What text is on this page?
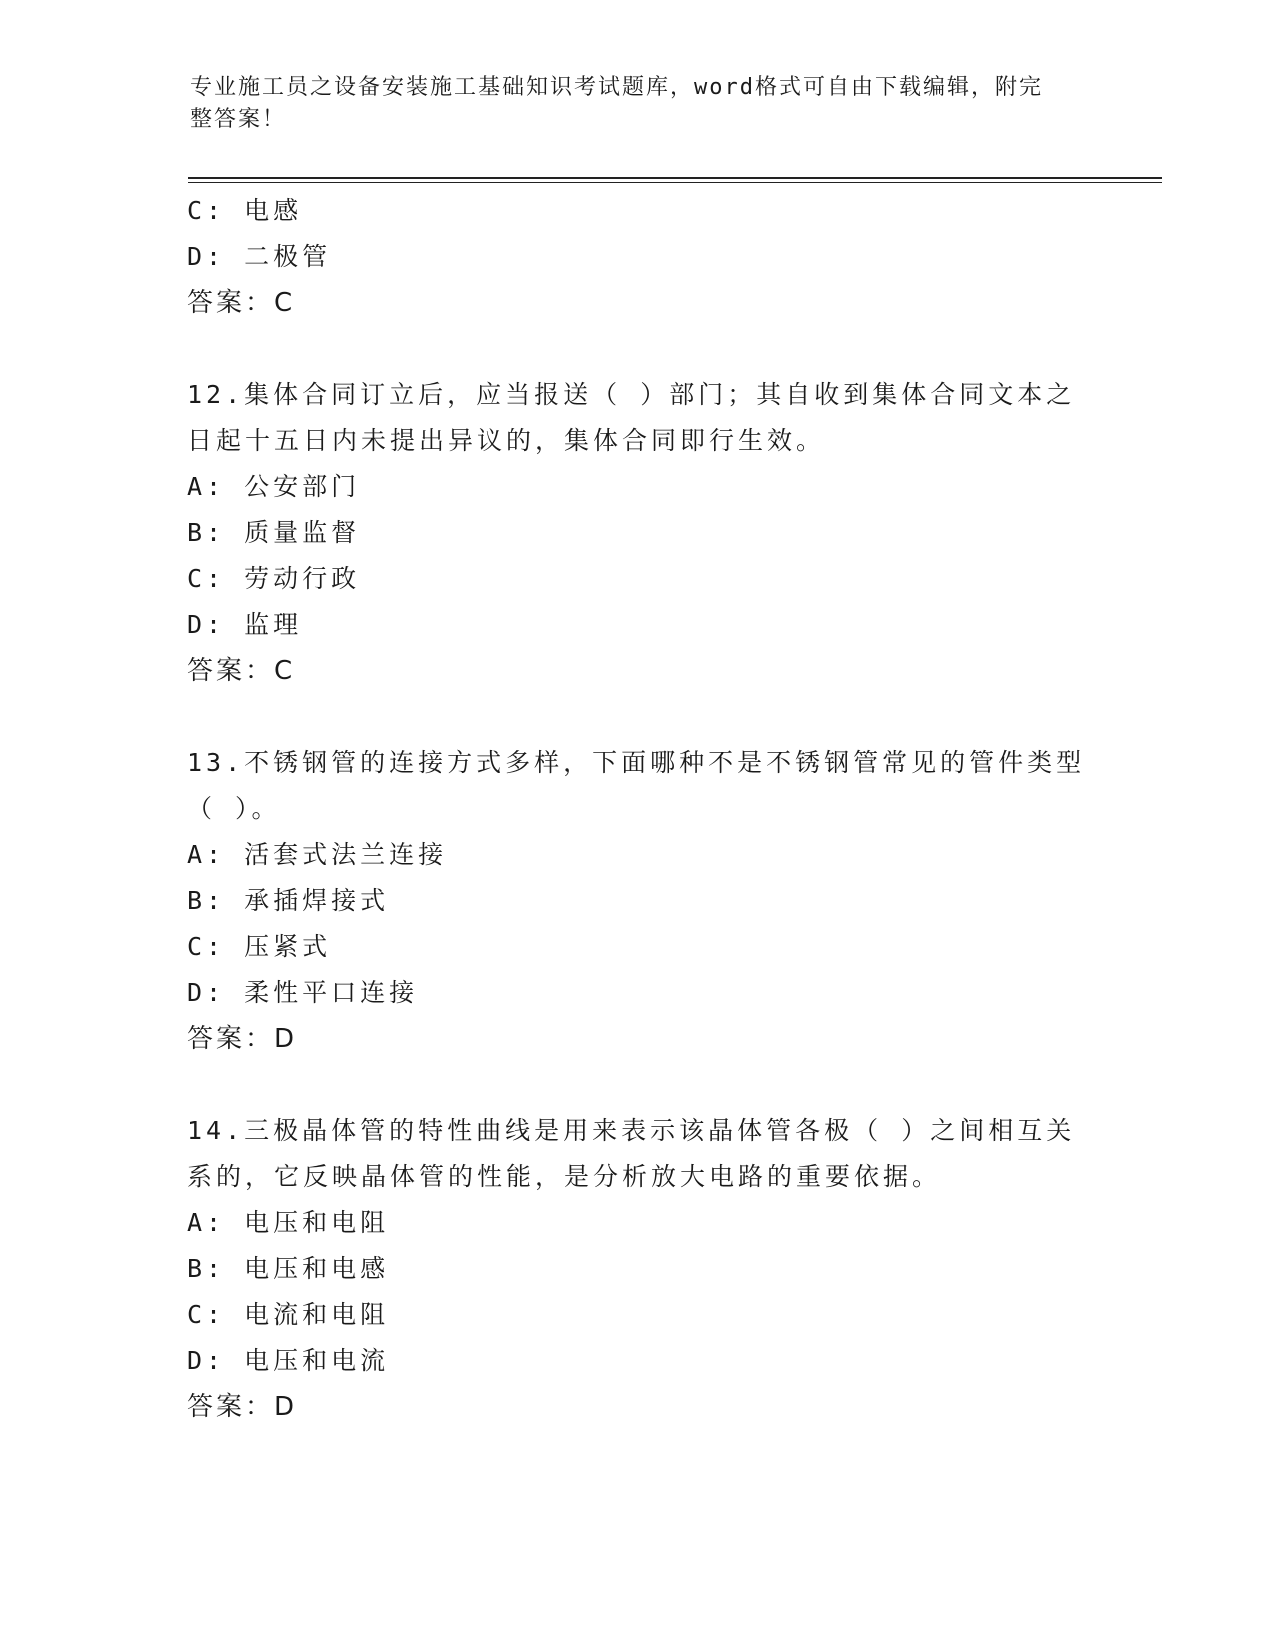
专业施工员之设备安装施工基础知识考试题库，word格式可自由下载编辑，附完
整答案！
C: 电感
D: 二极管
答案：C
12.集体合同订立后，应当报送（ ）部门；其自收到集体合同文本之
日起十五日内未提出异议的，集体合同即行生效。
A: 公安部门
B: 质量监督
C: 劳动行政
D: 监理
答案：C
13.不锈钢管的连接方式多样，下面哪种不是不锈钢管常见的管件类型
（ ）。
A: 活套式法兰连接
B: 承插焊接式
C: 压紧式
D: 柔性平口连接
答案：D
14.三极晶体管的特性曲线是用来表示该晶体管各极（ ）之间相互关
系的，它反映晶体管的性能，是分析放大电路的重要依据。
A: 电压和电阻
B: 电压和电感
C: 电流和电阻
D: 电压和电流
答案：D
